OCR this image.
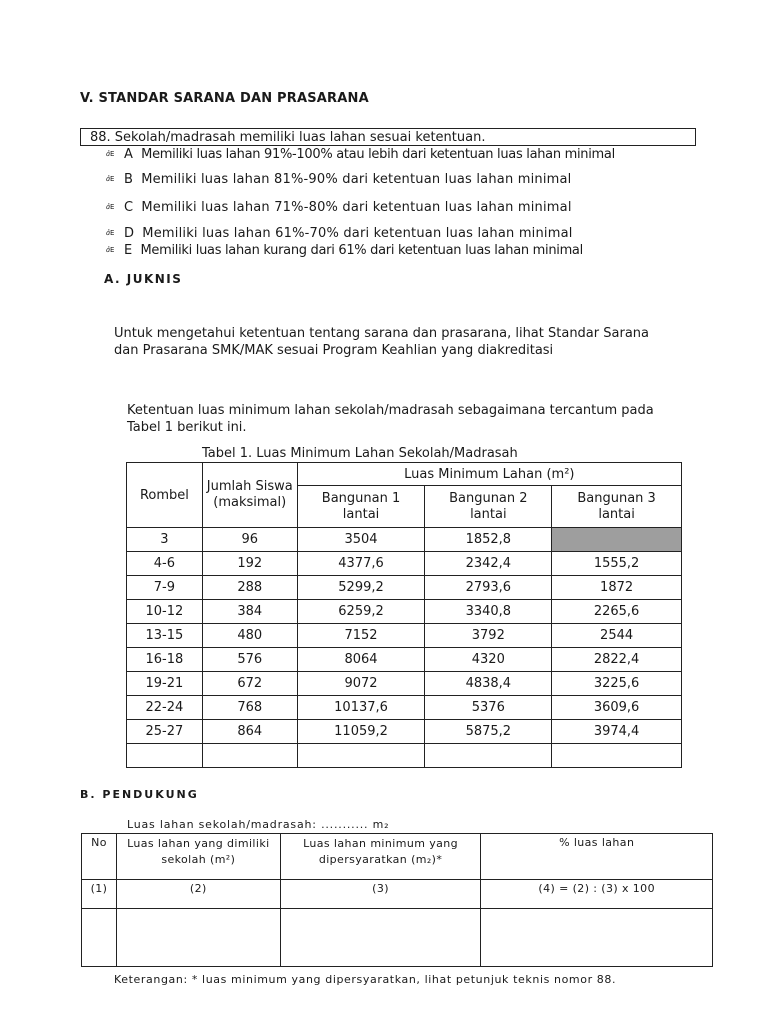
V. STANDAR SARANA DAN PRASARANA
88. Sekolah/madrasah memiliki luas lahan sesuai ketentuan.
ꞻE A Memiliki luas lahan 91%-100% atau lebih dari ketentuan luas lahan minimal
ꞻE B Memiliki luas lahan 81%-90% dari ketentuan luas lahan minimal
ꞻE C Memiliki luas lahan 71%-80% dari ketentuan luas lahan minimal
ꞻE D Memiliki luas lahan 61%-70% dari ketentuan luas lahan minimal
ꞻE E Memiliki luas lahan kurang dari 61% dari ketentuan luas lahan minimal
A. JUKNIS
Untuk mengetahui ketentuan tentang sarana dan prasarana, lihat Standar Sarana dan Prasarana SMK/MAK sesuai Program Keahlian yang diakreditasi
Ketentuan luas minimum lahan sekolah/madrasah sebagaimana tercantum pada Tabel 1 berikut ini.
Tabel 1. Luas Minimum Lahan Sekolah/Madrasah
Rombel	Jumlah Siswa (maksimal)	Luas Minimum Lahan (m²)		
		Bangunan 1 lantai	Bangunan 2 lantai	Bangunan 3 lantai
3	96	3504	1852,8	
4-6	192	4377,6	2342,4	1555,2
7-9	288	5299,2	2793,6	1872
10-12	384	6259,2	3340,8	2265,6
13-15	480	7152	3792	2544
16-18	576	8064	4320	2822,4
19-21	672	9072	4838,4	3225,6
22-24	768	10137,6	5376	3609,6
25-27	864	11059,2	5875,2	3974,4

B. PENDUKUNG
Luas lahan sekolah/madrasah: ........... m₂
No	Luas lahan yang dimiliki sekolah (m²)	Luas lahan minimum yang dipersyaratkan (m₂)*	% luas lahan
(1)	(2)	(3)	(4) = (2) : (3) x 100

Keterangan: * luas minimum yang dipersyaratkan, lihat petunjuk teknis nomor 88.
